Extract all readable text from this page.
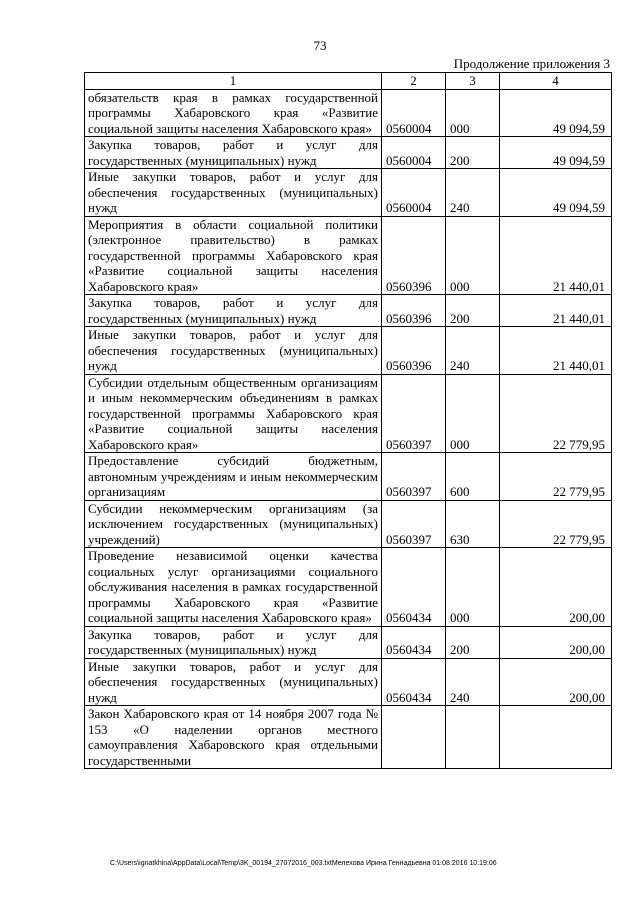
73
Продолжение приложения 3
1	2	3	4
обязательств края в рамках государственной программы Хабаровского края «Развитие социальной защиты населения Хабаровского края»	0560004	000	49 094,59
Закупка товаров, работ и услуг для государственных (муниципальных) нужд	0560004	200	49 094,59
Иные закупки товаров, работ и услуг для обеспечения государственных (муниципальных) нужд	0560004	240	49 094,59
Мероприятия в области социальной политики (электронное правительство) в рамках государственной программы Хабаровского края «Развитие социальной защиты населения Хабаровского края»	0560396	000	21 440,01
Закупка товаров, работ и услуг для государственных (муниципальных) нужд	0560396	200	21 440,01
Иные закупки товаров, работ и услуг для обеспечения государственных (муниципальных) нужд	0560396	240	21 440,01
Субсидии отдельным общественным организациям и иным некоммерческим объединениям в рамках государственной программы Хабаровского края «Развитие социальной защиты населения Хабаровского края»	0560397	000	22 779,95
Предоставление субсидий бюджетным, автономным учреждениям и иным некоммерческим организациям	0560397	600	22 779,95
Субсидии некоммерческим организациям (за исключением государственных (муниципальных) учреждений)	0560397	630	22 779,95
Проведение независимой оценки качества социальных услуг организациями социального обслуживания населения в рамках государственной программы Хабаровского края «Развитие социальной защиты населения Хабаровского края»	0560434	000	200,00
Закупка товаров, работ и услуг для государственных (муниципальных) нужд	0560434	200	200,00
Иные закупки товаров, работ и услуг для обеспечения государственных (муниципальных) нужд	0560434	240	200,00
Закон Хабаровского края от 14 ноября 2007 года № 153 «О наделении органов местного самоуправления Хабаровского края отдельными государственными			
C:\Users\ignatkhina\AppData\Local\Temp\3K_00194_27072016_003.txtМелехова Ирина Геннадьевна 01.08.2016 10:19:06
